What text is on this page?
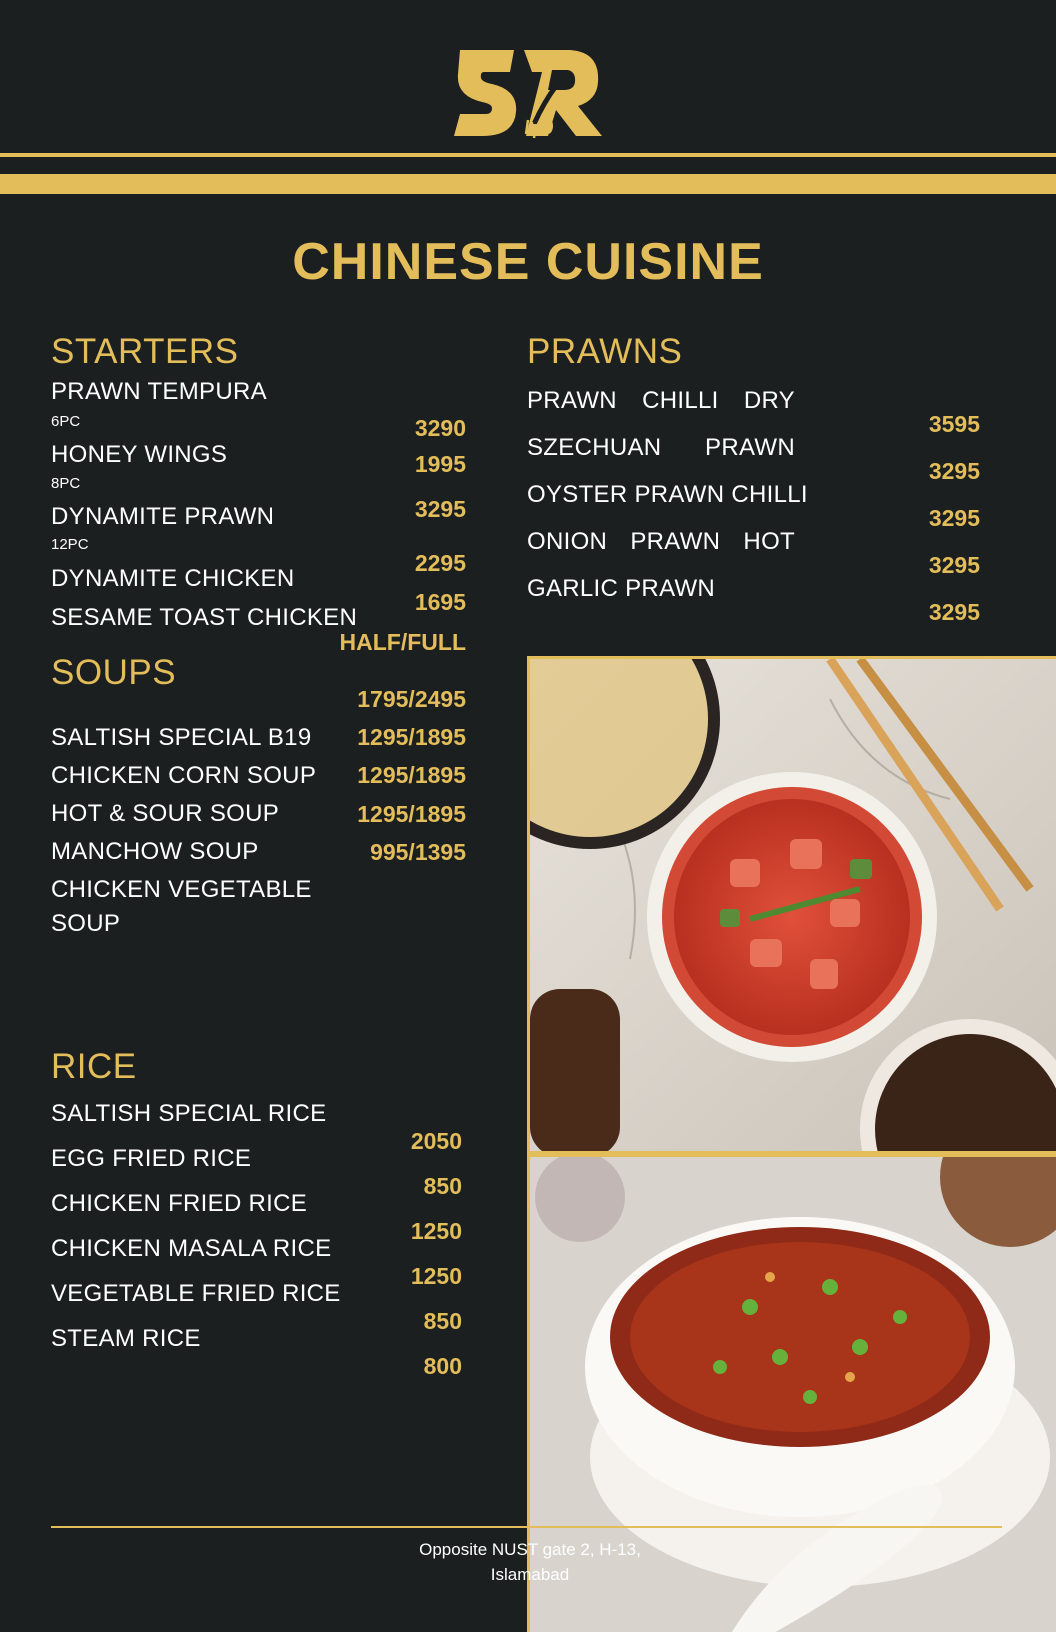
CHINESE CUISINE
STARTERS
PRAWN TEMPURA
6PC
HONEY WINGS
8PC
DYNAMITE PRAWN
12PC
DYNAMITE CHICKEN
SESAME TOAST CHICKEN
3290
1995
3295
2295
1695
HALF/FULL
SOUPS
1795/2495
1295/1895
1295/1895
1295/1895
995/1395
SALTISH SPECIAL B19
CHICKEN CORN SOUP
HOT & SOUR SOUP
MANCHOW SOUP
CHICKEN VEGETABLE
SOUP
RICE
SALTISH SPECIAL RICE
EGG FRIED RICE
CHICKEN FRIED RICE
CHICKEN MASALA RICE
VEGETABLE FRIED RICE
STEAM RICE
2050
850
1250
1250
850
800
PRAWNS
PRAWN CHILLI DRY
SZECHUAN PRAWN
OYSTER PRAWN CHILLI
ONION PRAWN HOT
GARLIC PRAWN
3595
3295
3295
3295
3295
Opposite NUST gate 2, H-13,
Islamabad
